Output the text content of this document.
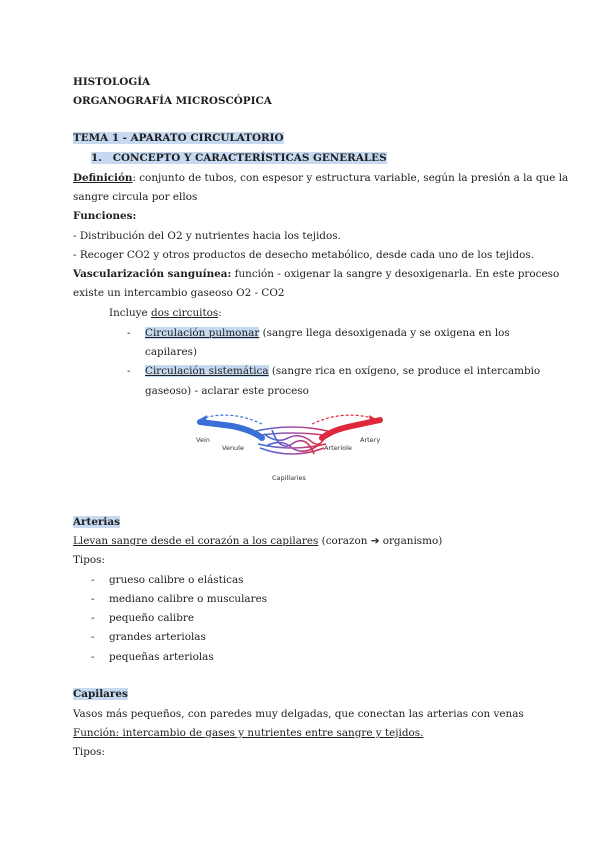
HISTOLOGÍA
ORGANOGRAFÍA MICROSCÓPICA
TEMA 1 - APARATO CIRCULATORIO
1. CONCEPTO Y CARACTERÍSTICAS GENERALES
Definición: conjunto de tubos, con espesor y estructura variable, según la presión a la que la
sangre circula por ellos
Funciones:
- Distribución del O2 y nutrientes hacia los tejidos.
- Recoger CO2 y otros productos de desecho metabólico, desde cada uno de los tejidos.
Vascularización sanguínea: función - oxigenar la sangre y desoxigenarla. En este proceso
existe un intercambio gaseoso O2 - CO2
Incluye dos circuitos:
- Circulación pulmonar (sangre llega desoxigenada y se oxigena en los
capilares)
- Circulación sistemática (sangre rica en oxígeno, se produce el intercambio
gaseoso) - aclarar este proceso
Vein
Venule	Arteriole
Artery
Capillaries
Arterias
Llevan sangre desde el corazón a los capilares (corazon ➔ organismo)
Tipos:
- grueso calibre o elásticas
- mediano calibre o musculares
- pequeño calibre
- grandes arteriolas
- pequeñas arteriolas
Capilares
Vasos más pequeños, con paredes muy delgadas, que conectan las arterias con venas
Función: intercambio de gases y nutrientes entre sangre y tejidos.
Tipos:
